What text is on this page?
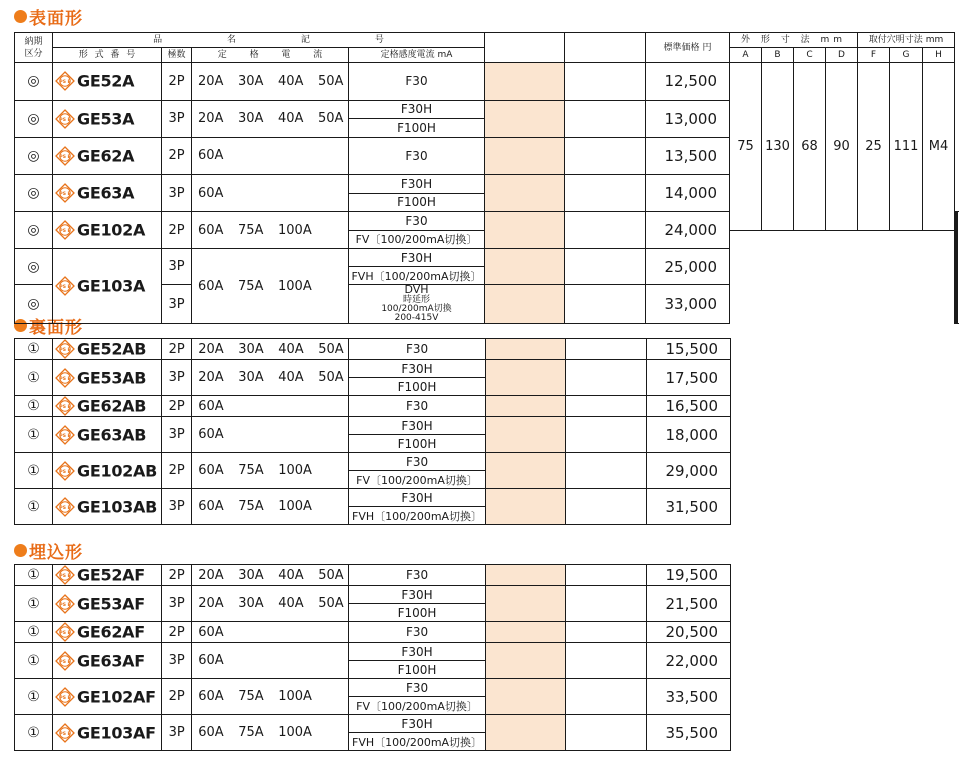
表面形
裏面形
埋込形
納期
区分	品 名 記 号						標準価格 円	外 形 寸 法 mm				取付穴明寸法 mm				
	形 式 番 号	極数	定 格 電 流	定格感度電流 mA				A	B	C	D	F	G	H		
◎	PS E GE52A	2P	20A 30A 40A 50A	F30			12,500	75	130	68	90	25	111	M4		
◎	PS E GE53A	3P	20A 30A 40A 50A	F30H			13,000									
				F100H												
◎	PS E GE62A	2P	60A	F30			13,500									
◎	PS E GE63A	3P	60A	F30H			14,000									
				F100H												
◎	PS E GE102A	2P	60A 75A 100A	F30			24,000							
				FV〔100/200mA切換〕												
◎	PS E GE103A	3P	60A 75A 100A	F30H			25,000									
				FVH〔100/200mA切換〕												
◎		3P		DVH
時延形
100/200mA切換
200-415V			33,000									
①	PS E GE52AB	2P	20A 30A 40A 50A	F30			15,500
①	PS E GE53AB	3P	20A 30A 40A 50A	F30H			17,500
				F100H			
①	PS E GE62AB	2P	60A	F30			16,500
①	PS E GE63AB	3P	60A	F30H			18,000
				F100H			
①	PS E GE102AB	2P	60A 75A 100A	F30			29,000
				FV〔100/200mA切換〕			
①	PS E GE103AB	3P	60A 75A 100A	F30H			31,500
				FVH〔100/200mA切換〕			
①	PS E GE52AF	2P	20A 30A 40A 50A	F30			19,500
①	PS E GE53AF	3P	20A 30A 40A 50A	F30H			21,500
				F100H			
①	PS E GE62AF	2P	60A	F30			20,500
①	PS E GE63AF	3P	60A	F30H			22,000
				F100H			
①	PS E GE102AF	2P	60A 75A 100A	F30			33,500
				FV〔100/200mA切換〕			
①	PS E GE103AF	3P	60A 75A 100A	F30H			35,500
				FVH〔100/200mA切換〕			
